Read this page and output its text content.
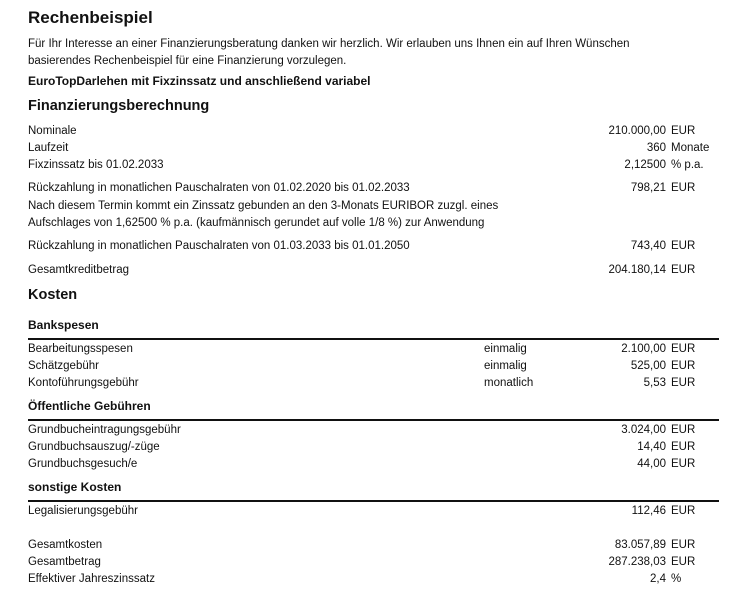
Rechenbeispiel
Für Ihr Interesse an einer Finanzierungsberatung danken wir herzlich. Wir erlauben uns Ihnen ein auf Ihren Wünschen
basierendes Rechenbeispiel für eine Finanzierung vorzulegen.
EuroTopDarlehen mit Fixzinssatz und anschließend variabel
Finanzierungsberechnung
Nominale	210.000,00 EUR
Laufzeit	360 Monate
Fixzinssatz bis 01.02.2033	2,12500 % p.a.
Rückzahlung in monatlichen Pauschalraten von 01.02.2020 bis 01.02.2033	798,21 EUR
Nach diesem Termin kommt ein Zinssatz gebunden an den 3-Monats EURIBOR zuzgl. eines
Aufschlages von 1,62500 % p.a. (kaufmännisch gerundet auf volle 1/8 %) zur Anwendung
Rückzahlung in monatlichen Pauschalraten von 01.03.2033 bis 01.01.2050	743,40 EUR
Gesamtkreditbetrag	204.180,14 EUR
Kosten
Bankspesen
Bearbeitungsspesen	einmalig	2.100,00 EUR
Schätzgebühr	einmalig	525,00 EUR
Kontoführungsgebühr	monatlich	5,53 EUR
Öffentliche Gebühren
Grundbucheintragungsgebühr	3.024,00 EUR
Grundbuchsauszug/-züge	14,40 EUR
Grundbuchsgesuch/e	44,00 EUR
sonstige Kosten
Legalisierungsgebühr	112,46 EUR
Gesamtkosten	83.057,89 EUR
Gesamtbetrag	287.238,03 EUR
Effektiver Jahreszinssatz	2,4 %
